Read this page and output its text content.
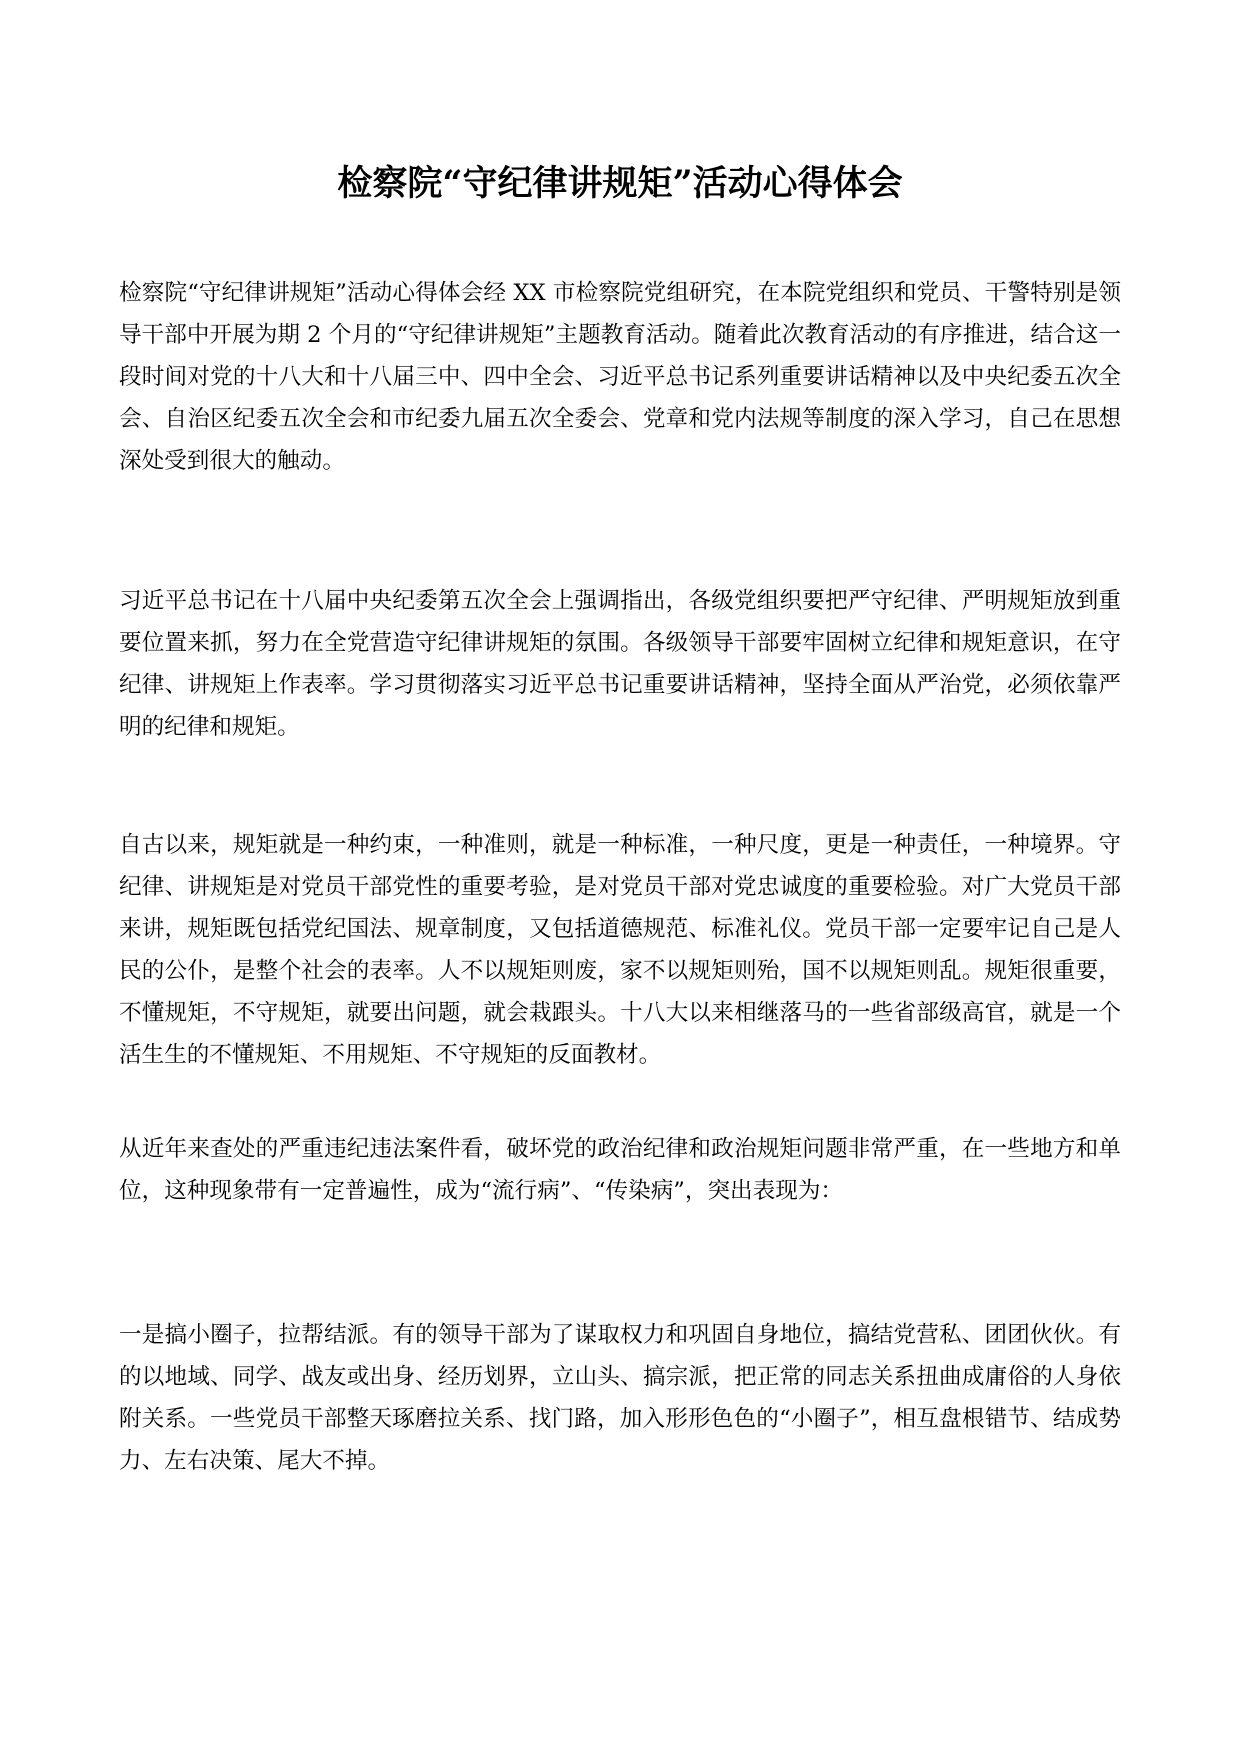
检察院“守纪律讲规矩”活动心得体会

检察院“守纪律讲规矩”活动心得体会经 XX 市检察院党组研究，在本院党组织和党员、干警特别是领导干部中开展为期 2 个月的“守纪律讲规矩”主题教育活动。随着此次教育活动的有序推进，结合这一段时间对党的十八大和十八届三中、四中全会、习近平总书记系列重要讲话精神以及中央纪委五次全会、自治区纪委五次全会和市纪委九届五次全委会、党章和党内法规等制度的深入学习，自己在思想深处受到很大的触动。

习近平总书记在十八届中央纪委第五次全会上强调指出，各级党组织要把严守纪律、严明规矩放到重要位置来抓，努力在全党营造守纪律讲规矩的氛围。各级领导干部要牢固树立纪律和规矩意识，在守纪律、讲规矩上作表率。学习贯彻落实习近平总书记重要讲话精神，坚持全面从严治党，必须依靠严明的纪律和规矩。

自古以来，规矩就是一种约束，一种准则，就是一种标准，一种尺度，更是一种责任，一种境界。守纪律、讲规矩是对党员干部党性的重要考验，是对党员干部对党忠诚度的重要检验。对广大党员干部来讲，规矩既包括党纪国法、规章制度，又包括道德规范、标准礼仪。党员干部一定要牢记自己是人民的公仆，是整个社会的表率。人不以规矩则废，家不以规矩则殆，国不以规矩则乱。规矩很重要，不懂规矩，不守规矩，就要出问题，就会栽跟头。十八大以来相继落马的一些省部级高官，就是一个活生生的不懂规矩、不用规矩、不守规矩的反面教材。

从近年来查处的严重违纪违法案件看，破坏党的政治纪律和政治规矩问题非常严重，在一些地方和单位，这种现象带有一定普遍性，成为“流行病”、“传染病”，突出表现为：

一是搞小圈子，拉帮结派。有的领导干部为了谋取权力和巩固自身地位，搞结党营私、团团伙伙。有的以地域、同学、战友或出身、经历划界，立山头、搞宗派，把正常的同志关系扭曲成庸俗的人身依附关系。一些党员干部整天琢磨拉关系、找门路，加入形形色色的“小圈子”，相互盘根错节、结成势力、左右决策、尾大不掉。
